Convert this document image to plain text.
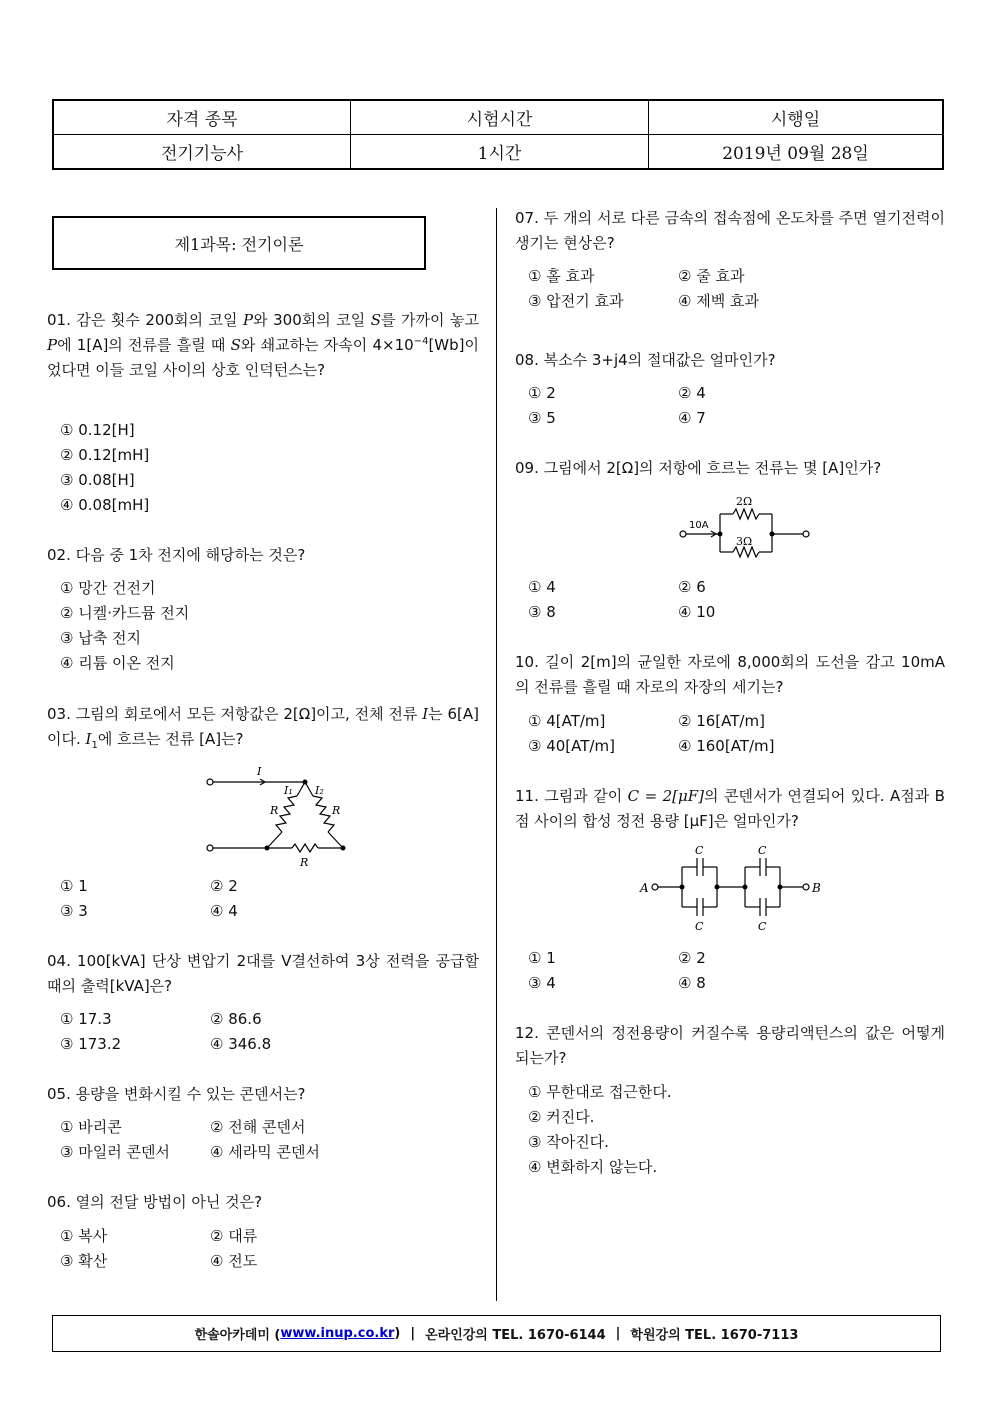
자격 종목	시험시간	시행일
전기기능사	1시간	2019년 09월 28일
제1과목: 전기이론
01. 감은 횟수 200회의 코일 P와 300회의 코일 S를 가까이 놓고 P에 1[A]의 전류를 흘릴 때 S와 쇄교하는 자속이 $4\times 10^{-4}[Wb]$이었다면 이들 코일 사이의 상호 인덕턴스는?
① 0.12[H]
② 0.12[mH]
③ 0.08[H]
④ 0.08[mH]
02. 다음 중 1차 전지에 해당하는 것은?
① 망간 건전기
② 니켈·카드뮴 전지
③ 납축 전지
④ 리튬 이온 전지
03. 그림의 회로에서 모든 저항값은 2[Ω]이고, 전체 전류 I는 6[A]이다. $I_1$에 흐르는 전류 [A]는?
I
I₁ I₂
R	R
R
① 1	② 2
③ 3	④ 4
04. 100[kVA] 단상 변압기 2대를 V결선하여 3상 전력을 공급할 때의 출력[kVA]은?
① 17.3	② 86.6
③ 173.2	④ 346.8
05. 용량을 변화시킬 수 있는 콘덴서는?
① 바리콘	② 전해 콘덴서
③ 마일러 콘덴서	④ 세라믹 콘덴서
06. 열의 전달 방법이 아닌 것은?
① 복사	② 대류
③ 확산	④ 전도
07. 두 개의 서로 다른 금속의 접속점에 온도차를 주면 열기전력이 생기는 현상은?
① 홀 효과	② 줄 효과
③ 압전기 효과	④ 제벡 효과
08. 복소수 3+j4의 절대값은 얼마인가?
① 2	② 4
③ 5	④ 7
09. 그림에서 2[Ω]의 저항에 흐르는 전류는 몇 [A]인가?
2Ω
3Ω
10A
① 4	② 6
③ 8	④ 10
10. 길이 2[m]의 균일한 자로에 8,000회의 도선을 감고 10mA의 전류를 흘릴 때 자로의 자장의 세기는?
① 4[AT/m]	② 16[AT/m]
③ 40[AT/m]	④ 160[AT/m]
11. 그림과 같이 C = 2[μF]의 콘덴서가 연결되어 있다. A점과 B점 사이의 합성 정전 용량 [μF]은 얼마인가?
C	C
C	C
A	B
① 1	② 2
③ 4	④ 8
12. 콘덴서의 정전용량이 커질수록 용량리액턴스의 값은 어떻게 되는가?
① 무한대로 접근한다.
② 커진다.
③ 작아진다.
④ 변화하지 않는다.
한솔아카데미 ( www.inup.co.kr ) | 온라인강의 TEL. 1670-6144 | 학원강의 TEL. 1670-7113
